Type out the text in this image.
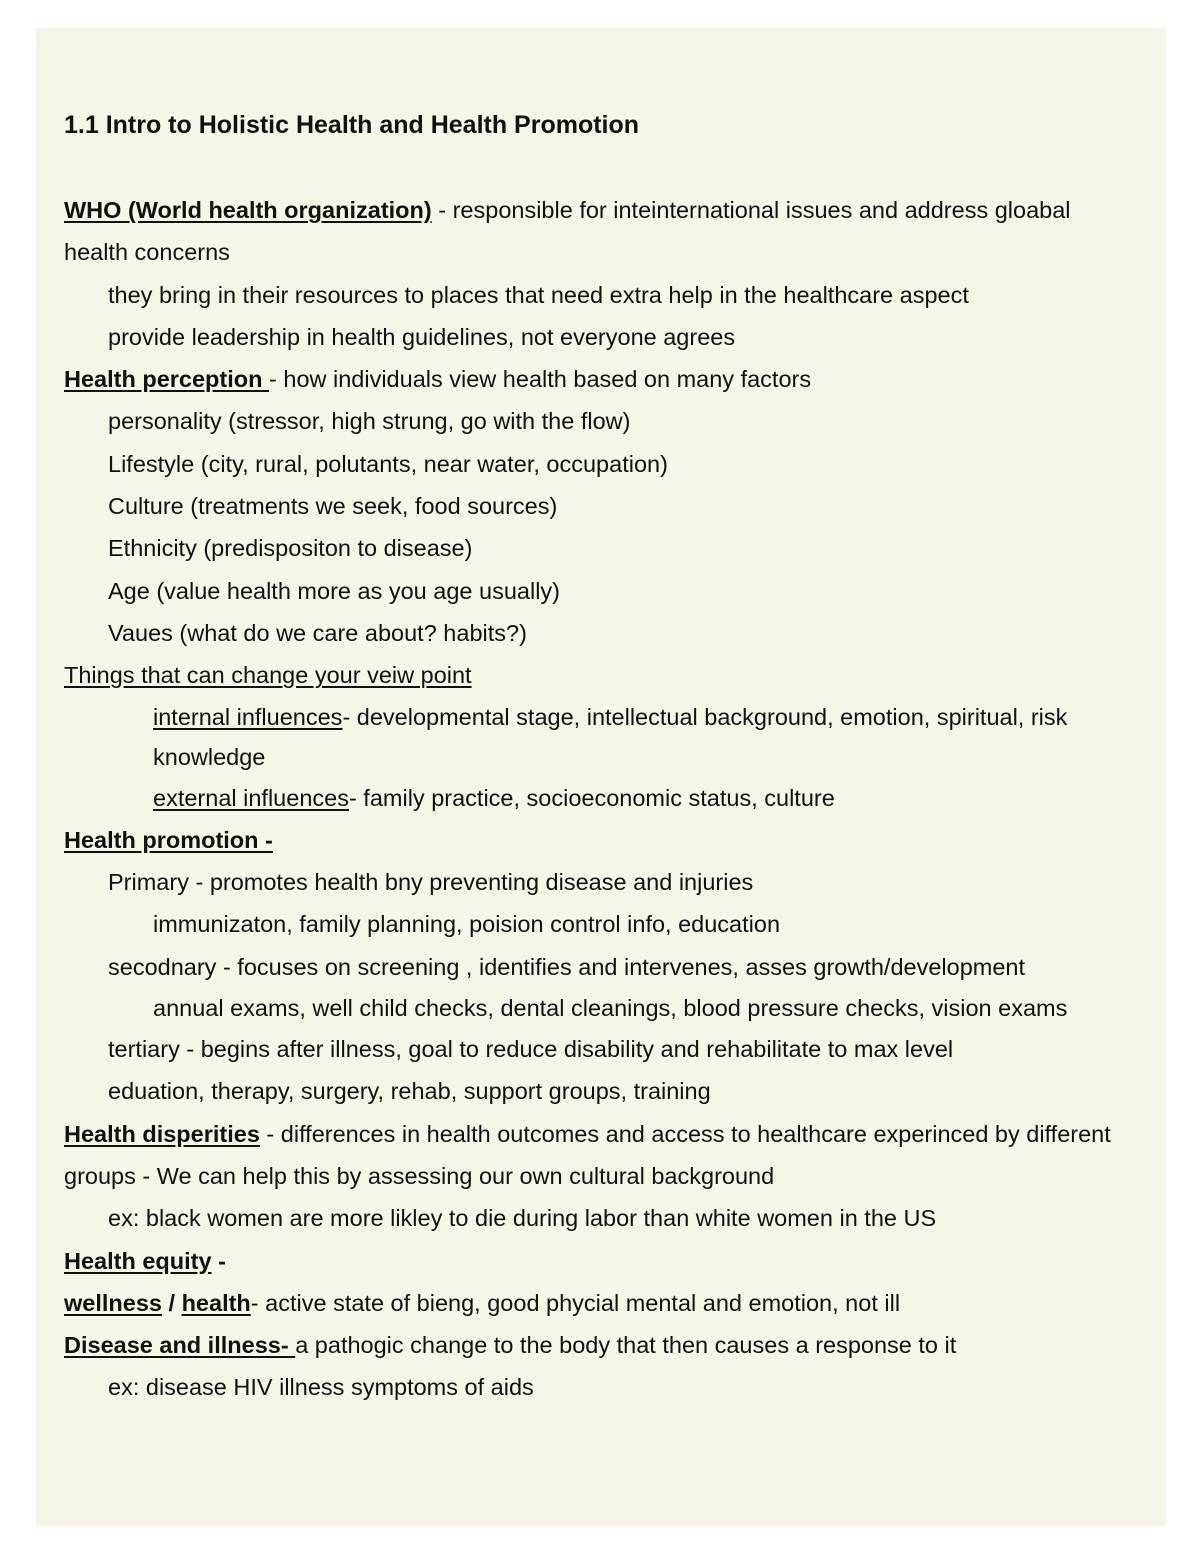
1.1 Intro to Holistic Health and Health Promotion
WHO (World health organization) - responsible for inteinternational issues and address gloabal health concerns
they bring in their resources to places that need extra help in the healthcare aspect
provide leadership in health guidelines, not everyone agrees
Health perception - how individuals view health based on many factors
personality (stressor, high strung, go with the flow)
Lifestyle (city, rural, polutants, near water, occupation)
Culture (treatments we seek, food sources)
Ethnicity (predispositon to disease)
Age (value health more as you age usually)
Vaues (what do we care about? habits?)
Things that can change your veiw point
internal influences- developmental stage, intellectual background, emotion, spiritual, risk knowledge
external influences- family practice, socioeconomic status, culture
Health promotion -
Primary - promotes health bny preventing disease and injuries
immunizaton, family planning, poision control info, education
secodnary - focuses on screening , identifies and intervenes, asses growth/development
annual exams, well child checks, dental cleanings, blood pressure checks, vision exams
tertiary - begins after illness, goal to reduce disability and rehabilitate to max level
eduation, therapy, surgery, rehab, support groups, training
Health disperities - differences in health outcomes and access to healthcare experinced by different groups - We can help this by assessing our own cultural background
ex: black women are more likley to die during labor than white women in the US
Health equity -
wellness / health- active state of bieng, good phycial mental and emotion, not ill
Disease and illness- a pathogic change to the body that then causes a response to it
ex: disease HIV illness symptoms of aids
